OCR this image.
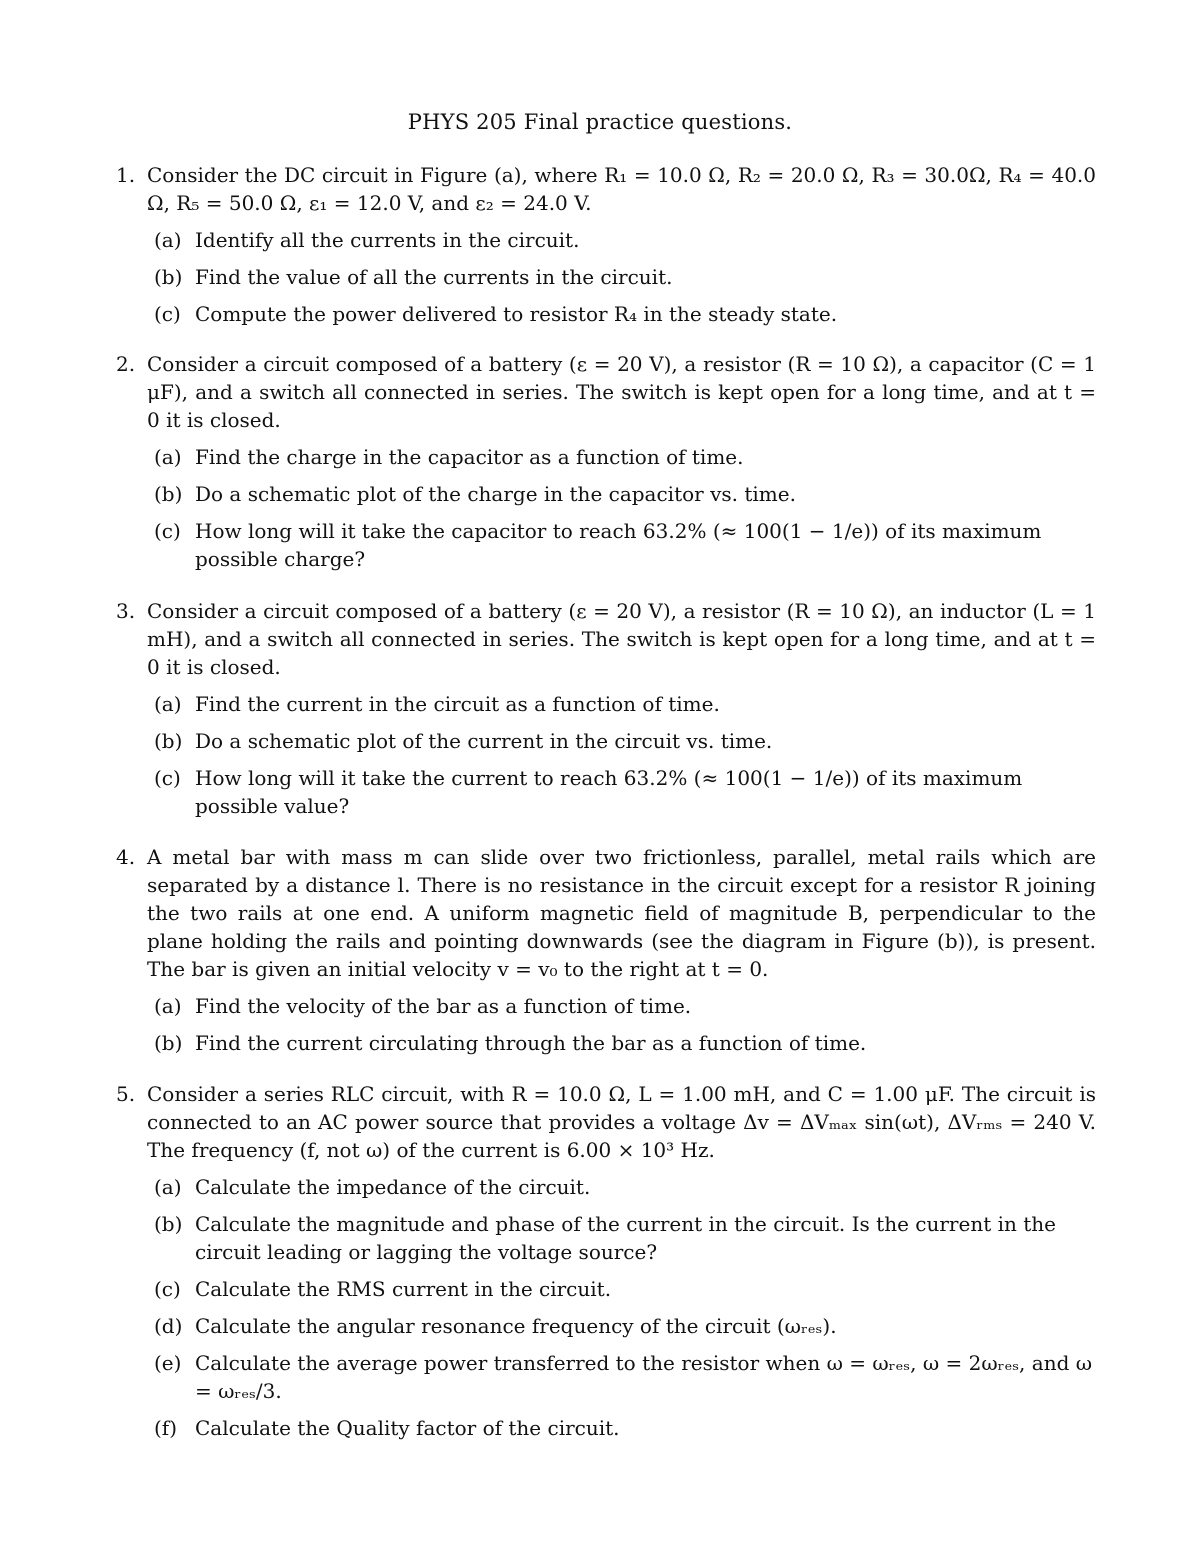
PHYS 205 Final practice questions.
1. Consider the DC circuit in Figure (a), where R₁ = 10.0 Ω, R₂ = 20.0 Ω, R₃ = 30.0Ω, R₄ = 40.0 Ω, R₅ = 50.0 Ω, ε₁ = 12.0 V, and ε₂ = 24.0 V.
(a) Identify all the currents in the circuit.
(b) Find the value of all the currents in the circuit.
(c) Compute the power delivered to resistor R₄ in the steady state.
2. Consider a circuit composed of a battery (ε = 20 V), a resistor (R = 10 Ω), a capacitor (C = 1 μF), and a switch all connected in series. The switch is kept open for a long time, and at t = 0 it is closed.
(a) Find the charge in the capacitor as a function of time.
(b) Do a schematic plot of the charge in the capacitor vs. time.
(c) How long will it take the capacitor to reach 63.2% (≈ 100(1 − 1/e)) of its maximum possible charge?
3. Consider a circuit composed of a battery (ε = 20 V), a resistor (R = 10 Ω), an inductor (L = 1 mH), and a switch all connected in series. The switch is kept open for a long time, and at t = 0 it is closed.
(a) Find the current in the circuit as a function of time.
(b) Do a schematic plot of the current in the circuit vs. time.
(c) How long will it take the current to reach 63.2% (≈ 100(1 − 1/e)) of its maximum possible value?
4. A metal bar with mass m can slide over two frictionless, parallel, metal rails which are separated by a distance l. There is no resistance in the circuit except for a resistor R joining the two rails at one end. A uniform magnetic field of magnitude B, perpendicular to the plane holding the rails and pointing downwards (see the diagram in Figure (b)), is present. The bar is given an initial velocity v = v₀ to the right at t = 0.
(a) Find the velocity of the bar as a function of time.
(b) Find the current circulating through the bar as a function of time.
5. Consider a series RLC circuit, with R = 10.0 Ω, L = 1.00 mH, and C = 1.00 μF. The circuit is connected to an AC power source that provides a voltage Δv = ΔVₘₐₓ sin(ωt), ΔVᵣₘₛ = 240 V. The frequency (f, not ω) of the current is 6.00 × 10³ Hz.
(a) Calculate the impedance of the circuit.
(b) Calculate the magnitude and phase of the current in the circuit. Is the current in the circuit leading or lagging the voltage source?
(c) Calculate the RMS current in the circuit.
(d) Calculate the angular resonance frequency of the circuit (ωᵣₑₛ).
(e) Calculate the average power transferred to the resistor when ω = ωᵣₑₛ, ω = 2ωᵣₑₛ, and ω = ωᵣₑₛ/3.
(f) Calculate the Quality factor of the circuit.
